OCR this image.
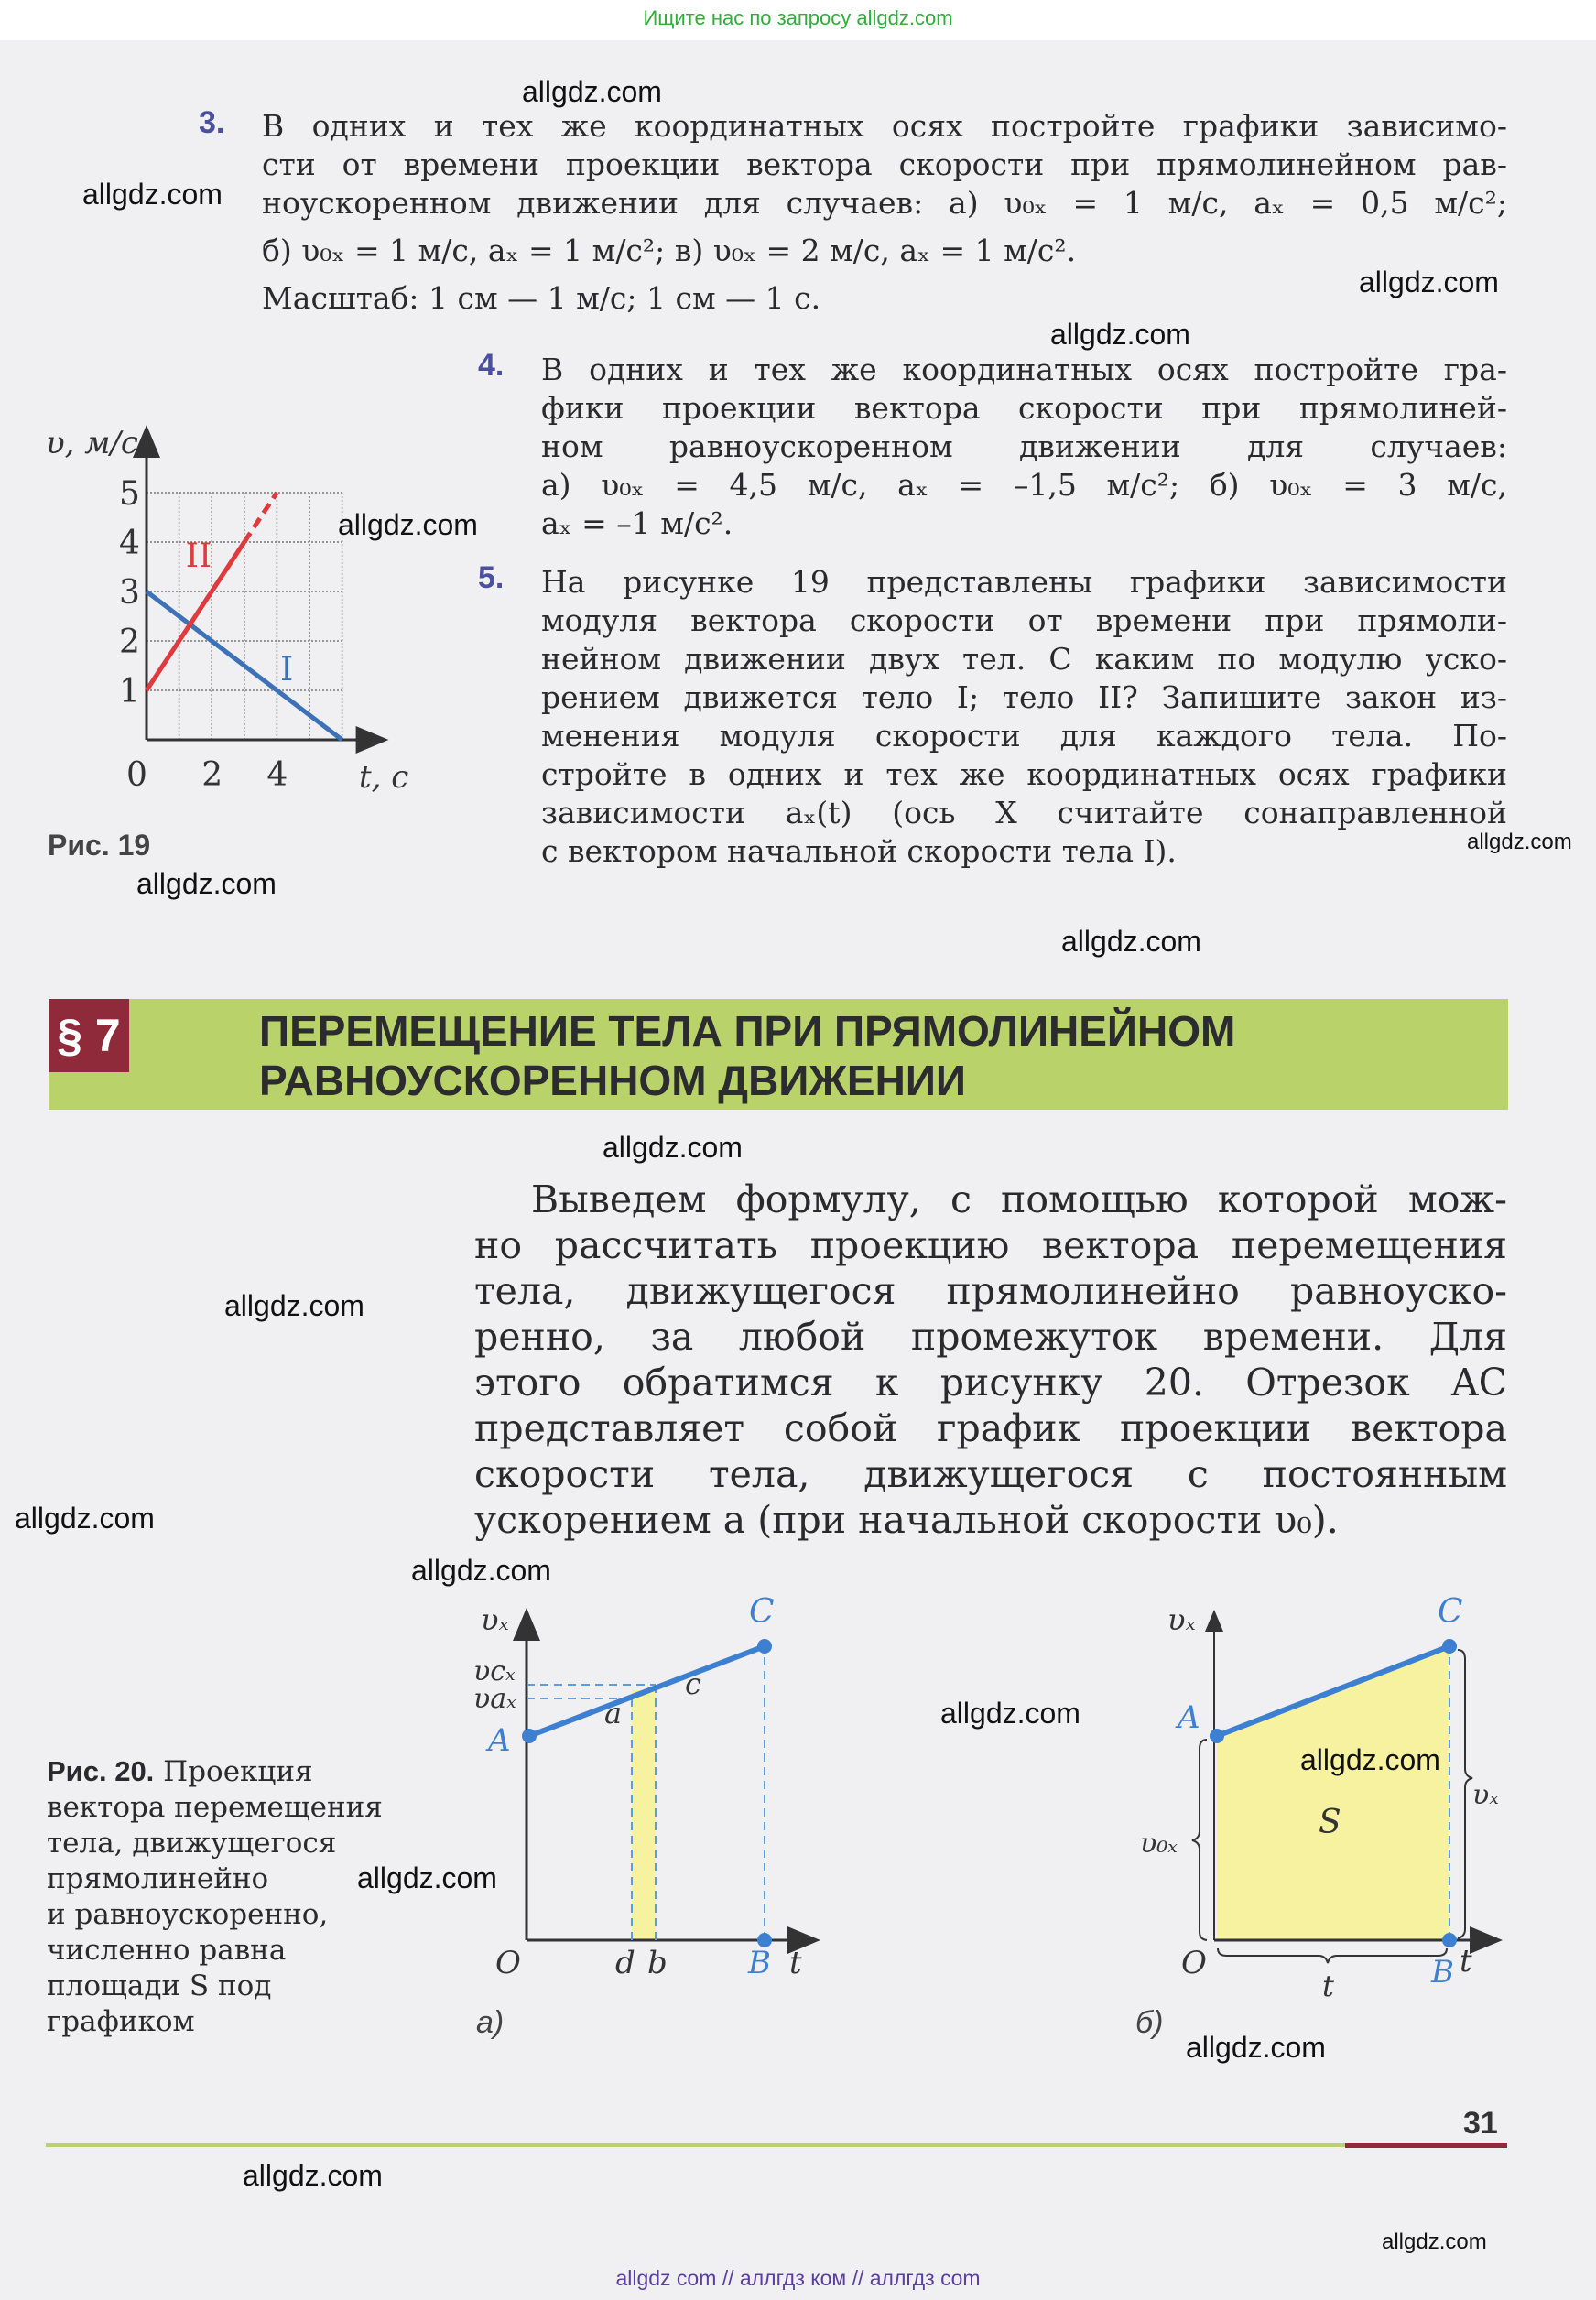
Ищите нас по запросу allgdz.com
3. В одних и тех же координатных осях постройте графики зависимо-
сти от времени проекции вектора скорости при прямолинейном рав-
ноускоренном движении для случаев: а) υ₀ₓ = 1 м/с, aₓ = 0,5 м/с²;
б) υ₀ₓ = 1 м/с, aₓ = 1 м/с²; в) υ₀ₓ = 2 м/с, aₓ = 1 м/с².
Масштаб: 1 см — 1 м/с; 1 см — 1 с.
4. В одних и тех же координатных осях постройте гра-
фики проекции вектора скорости при прямолиней-
ном равноускоренном движении для случаев:
а) υ₀ₓ = 4,5 м/с, aₓ = –1,5 м/с²; б) υ₀ₓ = 3 м/с,
aₓ = –1 м/с².
5. На рисунке 19 представлены графики зависимости
модуля вектора скорости от времени при прямоли-
нейном движении двух тел. С каким по модулю уско-
рением движется тело I; тело II? Запишите закон из-
менения модуля скорости для каждого тела. По-
стройте в одних и тех же координатных осях графики
зависимости aₓ(t) (ось X считайте сонаправленной
с вектором начальной скорости тела I).
1
2
3
4
5
0 2 4
I
II
υ, м/с
t, с
Рис. 19
§ 7	ПЕРЕМЕЩЕНИЕ ТЕЛА ПРИ ПРЯМОЛИНЕЙНОМ
РАВНОУСКОРЕННОМ ДВИЖЕНИИ
Выведем формулу, с помощью которой мож-
но рассчитать проекцию вектора перемещения
тела, движущегося прямолинейно равноуско-
ренно, за любой промежуток времени. Для
этого обратимся к рисунку 20. Отрезок AC
представляет собой график проекции вектора
скорости тела, движущегося с постоянным
ускорением a (при начальной скорости υ₀).
Рис. 20. Проекция
вектора перемещения
тела, движущегося
прямолинейно
и равноускоренно,
численно равна
площади S под
графиком
υₓ
υcₓ
υaₓ
A
C
a
c
O	d b	B t
а)
υₓ
A
C
S
υ₀ₓ
υₓ
O	B t
t
б)
31
allgdz.com
allgdz.com
allgdz.com
allgdz.com
allgdz.com
allgdz.com
allgdz.com
allgdz.com
allgdz.com
allgdz.com
allgdz.com
allgdz.com
allgdz.com
allgdz.com
allgdz.com
allgdz.com
allgdz.com
allgdz.com
allgdz com // аллгдз ком // аллгдз com
